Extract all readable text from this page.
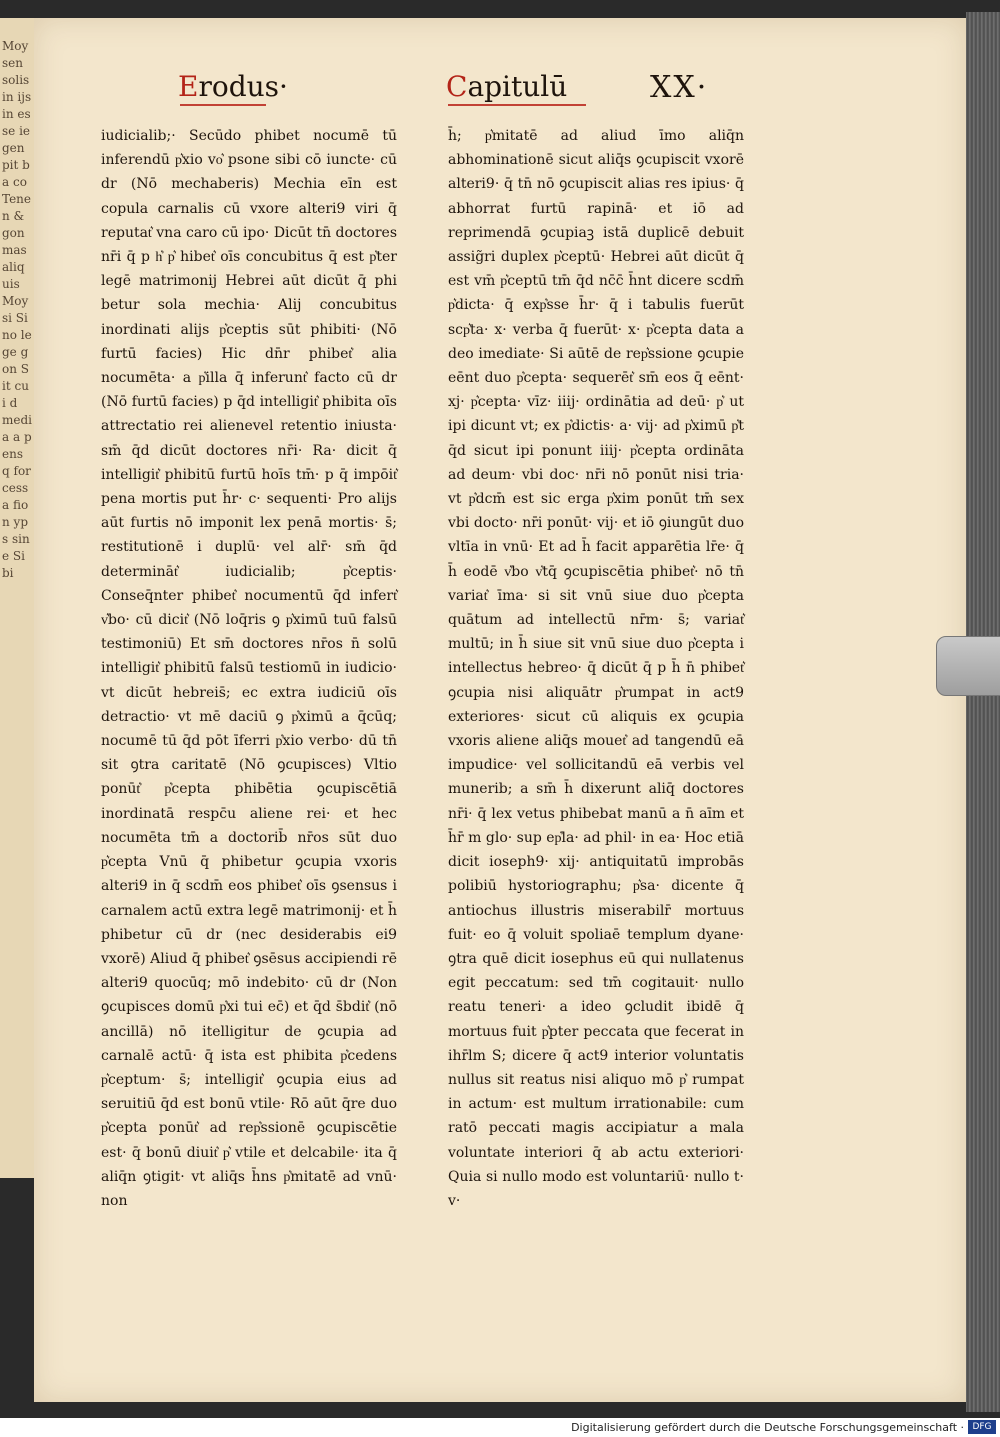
Moysen solis in ijs in esse iegen pit ba co Tenen & gon mas aliquis Moysi Sino lege gon Sit cui d media a pens q for cessa fion yps sine Sibi
Erodus·	Capitulū	XX·

iudicialib;· Secūdo phibet nocumē tū inferendū p͛xio vo͛ psone sibi cō iuncte· cū dr (Nō mechaberis) Mechia eīn est copula carnalis cū vxore alteri9 viri q̄ reputat͛ vna caro cū ipo· Dicūt tn̄ doctores nr̄i q̄ p h͛ p͛ hibet͛ oīs concubitus q̄ est p͛ter legē matrimonij Hebrei aūt dicūt q̄ phi betur sola mechia· Alij concubitus inordinati alijs p͛ceptis sūt phibiti· (Nō furtū facies) Hic dn̄r phibet͛ alia nocumēta· a p͛illa q̄ inferunt͛ facto cū dr (Nō furtū facies) p q̄d intelligit͛ phibita oīs attrectatio rei alienevel retentio iniusta· sm̄ q̄d dicūt doctores nr̄i· Ra· dicit q̄ intelligit͛ phibitū furtū hoīs tm̄· p q̄ impōit͛ pena mortis put h̄r· c· sequenti· Pro alijs aūt furtis nō imponit lex penā mortis· s̄; restitutionē i duplū· vel alr̄· sm̄ q̄d determināt͛ iudicialib; p͛ceptis· Conseq̄nter phibet͛ nocumentū q̄d infert͛ v͛bo· cū dicit͛ (Nō loq̄ris ꝯ p͛ximū tuū falsū testimoniū) Et sm̄ doctores nr̄os n̄ solū intelligit͛ phibitū falsū testiomū in iudicio· vt dicūt hebreis̄; ec extra iudiciū oīs detractio· vt mē daciū ꝯ p͛ximū a q̄cūq; nocumē tū q̄d pōt īferri p͛xio verbo· dū tn̄ sit ꝯtra caritatē (Nō ꝯcupisces) Vltio ponūt͛ p͛cepta phibētia ꝯcupiscētiā inordinatā respc̄u aliene rei· et hec nocumēta tm̄ a doctorib̄ nr̄os sūt duo p͛cepta Vnū q̄ phibetur ꝯcupia vxoris alteri9 in q̄ scdm̄ eos phibet͛ oīs ꝯsensus i carnalem actū extra legē matrimonij· et h̄ phibetur cū dr (nec desiderabis ei9 vxorē) Aliud q̄ phibet͛ ꝯsēsus accipiendi rē alteri9 quocūq; mō indebito· cū dr (Non ꝯcupisces domū p͛xi tui ec̄) et q̄d s̄bdit͛ (nō ancillā) nō itelligitur de ꝯcupia ad carnalē actū· q̄ ista est phibita p͛cedens p͛ceptum· s̄; intelligit͛ ꝯcupia eius ad seruitiū q̄d est bonū vtile· Rō aūt q̄re duo p͛cepta ponūt͛ ad rep͛ssionē ꝯcupiscētie est· q̄ bonū diuit͛ p͛ vtile et delcabile· ita q̄ aliq̄n ꝯtigit· vt aliq̄s h̄ns p͛mitatē ad vnū· non

h̄; p͛mitatē ad aliud īmo aliq̄n abhominationē sicut aliq̄s ꝯcupiscit vxorē alteri9· q̄ tn̄ nō ꝯcupiscit alias res ipius· q̄ abhorrat furtū rapinā· et iō ad reprimendā ꝯcupiaꝫ istā duplicē debuit assig̃ri duplex p͛ceptū· Hebrei aūt dicūt q̄ est vm̄ p͛ceptū tm̄ q̄d nc̄c̄ h̄nt dicere scdm̄ p͛dicta· q̄ exp͛sse h̄r· q̄ i tabulis fuerūt scp͛ta· x· verba q̄ fuerūt· x· p͛cepta data a deo imediate· Si aūtē de rep͛ssione ꝯcupie eēnt duo p͛cepta· sequerēt͛ sm̄ eos q̄ eēnt· xj· p͛cepta· vīz· iiij· ordinātia ad deū· p͛ ut ipi dicunt vt; ex p͛dictis· a· vij· ad p͛ximū p͛t q̄d sicut ipi ponunt iiij· p͛cepta ordināta ad deum· vbi doc· nr̄i nō ponūt nisi tria· vt p͛dcm̄ est sic erga p͛xim ponūt tm̄ sex vbi docto· nr̄i ponūt· vij· et iō ꝯiungūt duo vltīa in vnū· Et ad h̄ facit apparētia lr̄e· q̄ h̄ eodē v͛bo v͛tq̄ ꝯcupiscētia phibet͛· nō tn̄ variat͛ īma· si sit vnū siue duo p͛cepta quātum ad intellectū nr̄m· s̄; variat͛ multū; in h̄ siue sit vnū siue duo p͛cepta i intellectus hebreo· q̄ dicūt q̄ p h̄ n̄ phibet͛ ꝯcupia nisi aliquātr p͛rumpat in act9 exteriores· sicut cū aliquis ex ꝯcupia vxoris aliene aliq̄s mouet͛ ad tangendū eā impudice· vel sollicitandū eā verbis vel munerib; a sm̄ h̄ dixerunt aliq̄ doctores nr̄i· q̄ lex vetus phibebat manū a n̄ aīm et h̄r̄ m glo· sup ep͛la· ad phil· in ea· Hoc etiā dicit ioseph9· xij· antiquitatū improbās polibiū hystoriographu; p͛sa· dicente q̄ antiochus illustris miserabilr̄ mortuus fuit· eo q̄ voluit spoliaē templum dyane· ꝯtra quē dicit iosephus eū qui nullatenus egit peccatum: sed tm̄ cogitauit· nullo reatu teneri· a ideo ꝯcludit ibidē q̄ mortuus fuit p͛pter peccata que fecerat in ihr̄lm S; dicere q̄ act9 interior voluntatis nullus sit reatus nisi aliquo mō p͛ rumpat in actum· est multum irrationabile: cum ratō peccati magis accipiatur a mala voluntate interiori q̄ ab actu exteriori· Quia si nullo modo est voluntariū· nullo t· v·

Digitalisierung gefördert durch die Deutsche Forschungsgemeinschaft · DFG
